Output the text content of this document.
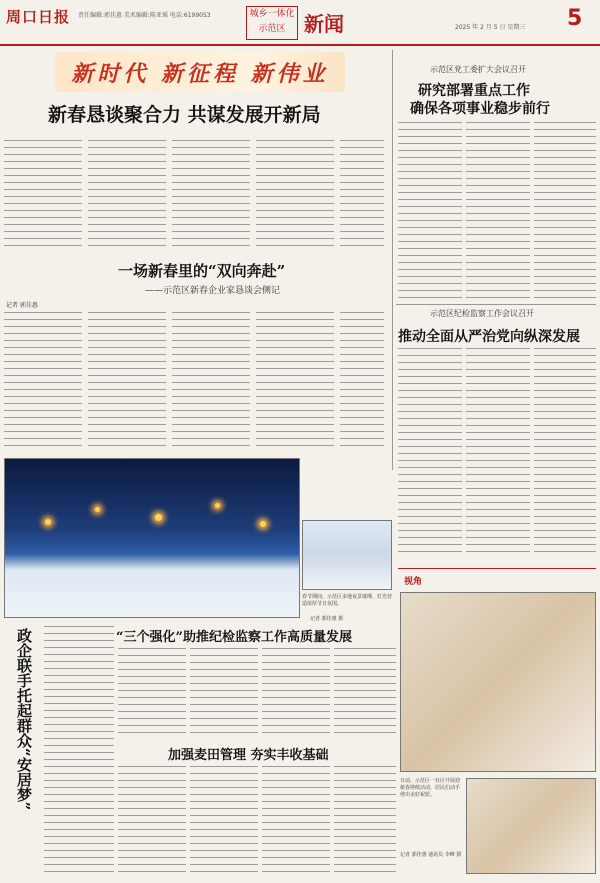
周口日报 责任编辑:郭佳惠 美术编辑:陈亚瑶 电话:6199053	城乡一体化
示范区 新闻	2025 年 2 月 5 日 星期三 5
新时代 新征程 新伟业
新春恳谈聚合力 共谋发展开新局
一场新春里的“双向奔赴”
——示范区新春企业家恳谈会侧记
记者 郭佳惠
示范区党工委扩大会议召开
研究部署重点工作
确保各项事业稳步前行
示范区纪检监察工作会议召开
推动全面从严治党向纵深发展
春节期间，示范区多地夜景璀璨，灯光营造浓厚节日氛围。
记者 郭佳惠 摄
政企联手托起群众“安居梦”	“三个强化”助推纪检监察工作高质量发展
加强麦田管理 夯实丰收基础
视角
日前，示范区一社区开展迎新春剪纸活动，居民们动手剪出美好祝愿。
记者 郭佳惠 通讯员 李峰 摄
